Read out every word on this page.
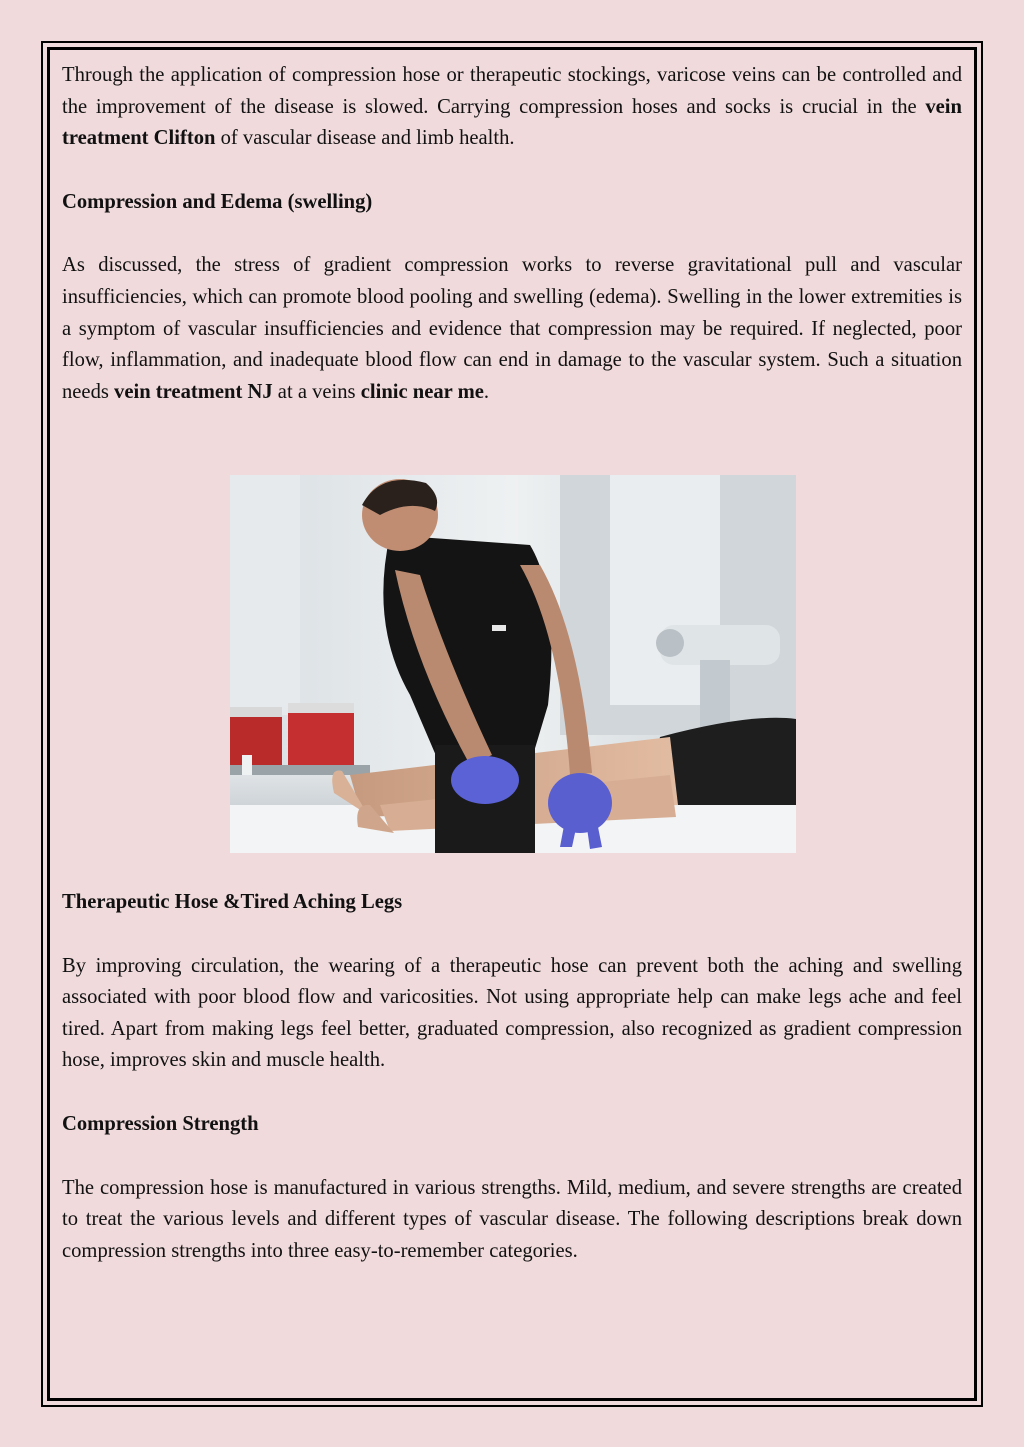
Through the application of compression hose or therapeutic stockings, varicose veins can be controlled and the improvement of the disease is slowed. Carrying compression hoses and socks is crucial in the vein treatment Clifton of vascular disease and limb health.

Compression and Edema (swelling)

As discussed, the stress of gradient compression works to reverse gravitational pull and vascular insufficiencies, which can promote blood pooling and swelling (edema). Swelling in the lower extremities is a symptom of vascular insufficiencies and evidence that compression may be required. If neglected, poor flow, inflammation, and inadequate blood flow can end in damage to the vascular system. Such a situation needs vein treatment NJ at a veins clinic near me.

Therapeutic Hose &Tired Aching Legs

By improving circulation, the wearing of a therapeutic hose can prevent both the aching and swelling associated with poor blood flow and varicosities. Not using appropriate help can make legs ache and feel tired. Apart from making legs feel better, graduated compression, also recognized as gradient compression hose, improves skin and muscle health.

Compression Strength

The compression hose is manufactured in various strengths. Mild, medium, and severe strengths are created to treat the various levels and different types of vascular disease. The following descriptions break down compression strengths into three easy-to-remember categories.
